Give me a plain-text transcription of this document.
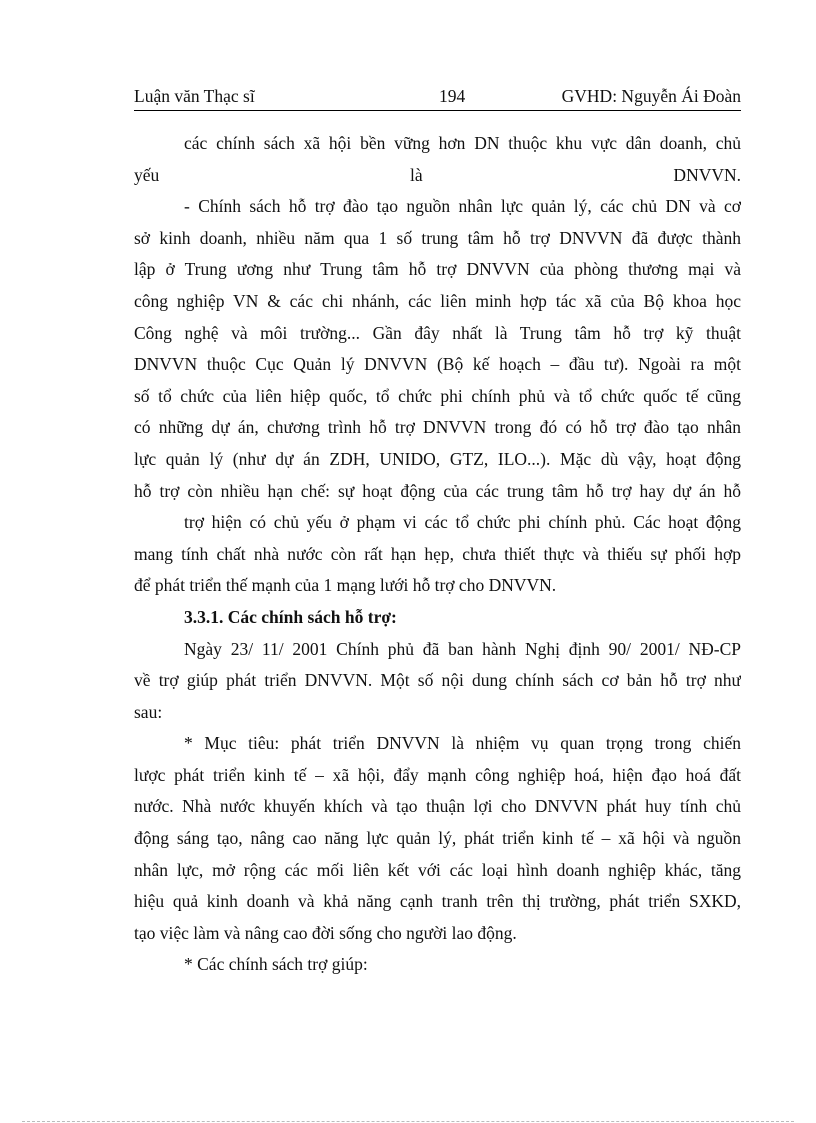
Luận văn Thạc sĩ	194	GVHD: Nguyễn Ái Đoàn
các chính sách xã hội bền vững hơn DN thuộc khu vực dân doanh, chủ
yếu là DNVVN.
- Chính sách hỗ trợ đào tạo nguồn nhân lực quản lý, các chủ DN và cơ
sở kinh doanh, nhiều năm qua 1 số trung tâm hỗ trợ DNVVN đã được thành
lập ở Trung ương như Trung tâm hỗ trợ DNVVN của phòng thương mại và
công nghiệp VN & các chi nhánh, các liên minh hợp tác xã của Bộ khoa học
Công nghệ và môi trường... Gần đây nhất là Trung tâm hỗ trợ kỹ thuật
DNVVN thuộc Cục Quản lý DNVVN (Bộ kế hoạch – đầu tư). Ngoài ra một
số tổ chức của liên hiệp quốc, tổ chức phi chính phủ và tổ chức quốc tế cũng
có những dự án, chương trình hỗ trợ DNVVN trong đó có hỗ trợ đào tạo nhân
lực quản lý (như dự án ZDH, UNIDO, GTZ, ILO...). Mặc dù vậy, hoạt động
hỗ trợ còn nhiều hạn chế: sự hoạt động của các trung tâm hỗ trợ hay dự án hỗ
trợ hiện có chủ yếu ở phạm vi các tổ chức phi chính phủ. Các hoạt động
mang tính chất nhà nước còn rất hạn hẹp, chưa thiết thực và thiếu sự phối hợp
để phát triển thế mạnh của 1 mạng lưới hỗ trợ cho DNVVN.
3.3.1. Các chính sách hỗ trợ:
Ngày 23/ 11/ 2001 Chính phủ đã ban hành Nghị định 90/ 2001/ NĐ-CP
về trợ giúp phát triển DNVVN. Một số nội dung chính sách cơ bản hỗ trợ như
sau:
* Mục tiêu: phát triển DNVVN là nhiệm vụ quan trọng trong chiến
lược phát triển kinh tế – xã hội, đẩy mạnh công nghiệp hoá, hiện đạo hoá đất
nước. Nhà nước khuyến khích và tạo thuận lợi cho DNVVN phát huy tính chủ
động sáng tạo, nâng cao năng lực quản lý, phát triển kinh tế – xã hội và nguồn
nhân lực, mở rộng các mối liên kết với các loại hình doanh nghiệp khác, tăng
hiệu quả kinh doanh và khả năng cạnh tranh trên thị trường, phát triển SXKD,
tạo việc làm và nâng cao đời sống cho người lao động.
* Các chính sách trợ giúp:
